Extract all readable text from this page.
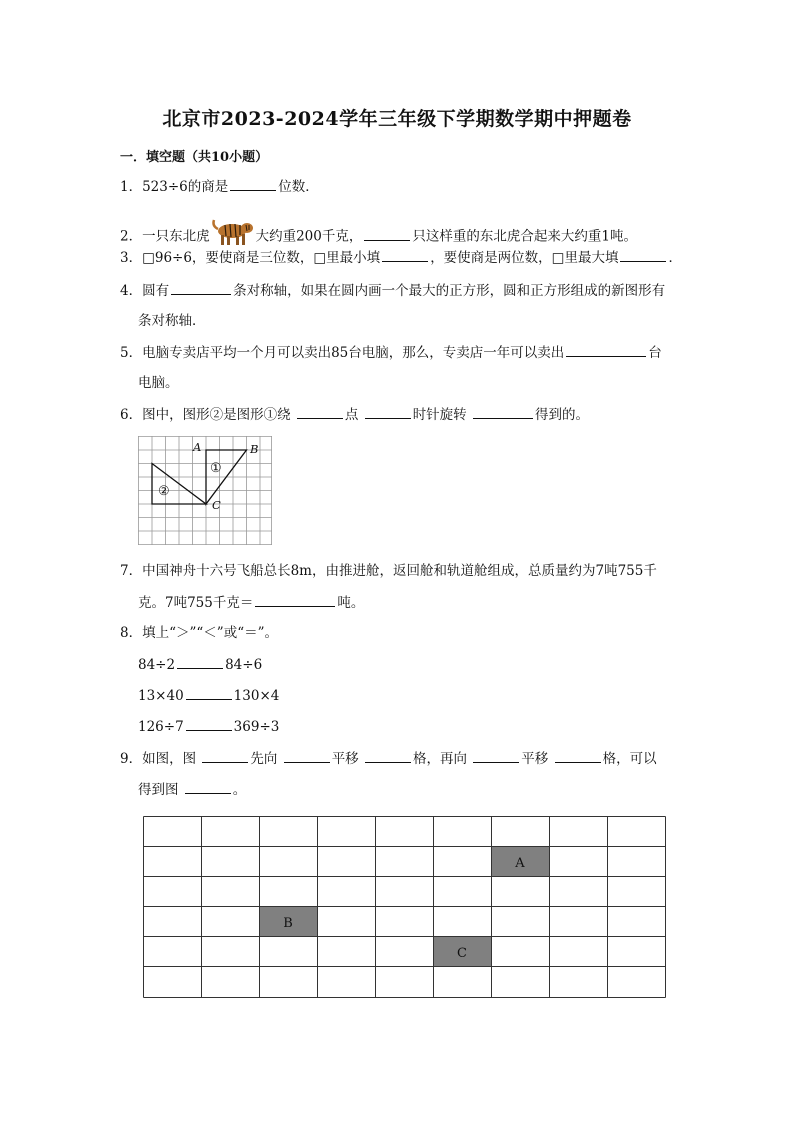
北京市2023-2024学年三年级下学期数学期中押题卷
一．填空题（共10小题）
1．523÷6的商是	位数．
2．一只东北虎	大约重200千克，	只这样重的东北虎合起来大约重1吨。
3．□96÷6，要使商是三位数，□里最小填	，要使商是两位数，□里最大填	．
4．圆有	条对称轴，如果在圆内画一个最大的正方形，圆和正方形组成的新图形有
条对称轴．
5．电脑专卖店平均一个月可以卖出85台电脑，那么，专卖店一年可以卖出	台
电脑。
6．图中，图形②是图形①绕	点	时针旋转	得到的。
①
②
A	B
C
7．中国神舟十六号飞船总长8m，由推进舱，返回舱和轨道舱组成，总质量约为7吨755千
克。7吨755千克＝	吨。
8．填上“＞”“＜”或“＝”。
84÷2	84÷6
13×40	130×4
126÷7	369÷3
9．如图，图	先向	平移	格，再向	平移	格，可以
得到图	。
A
B
C
